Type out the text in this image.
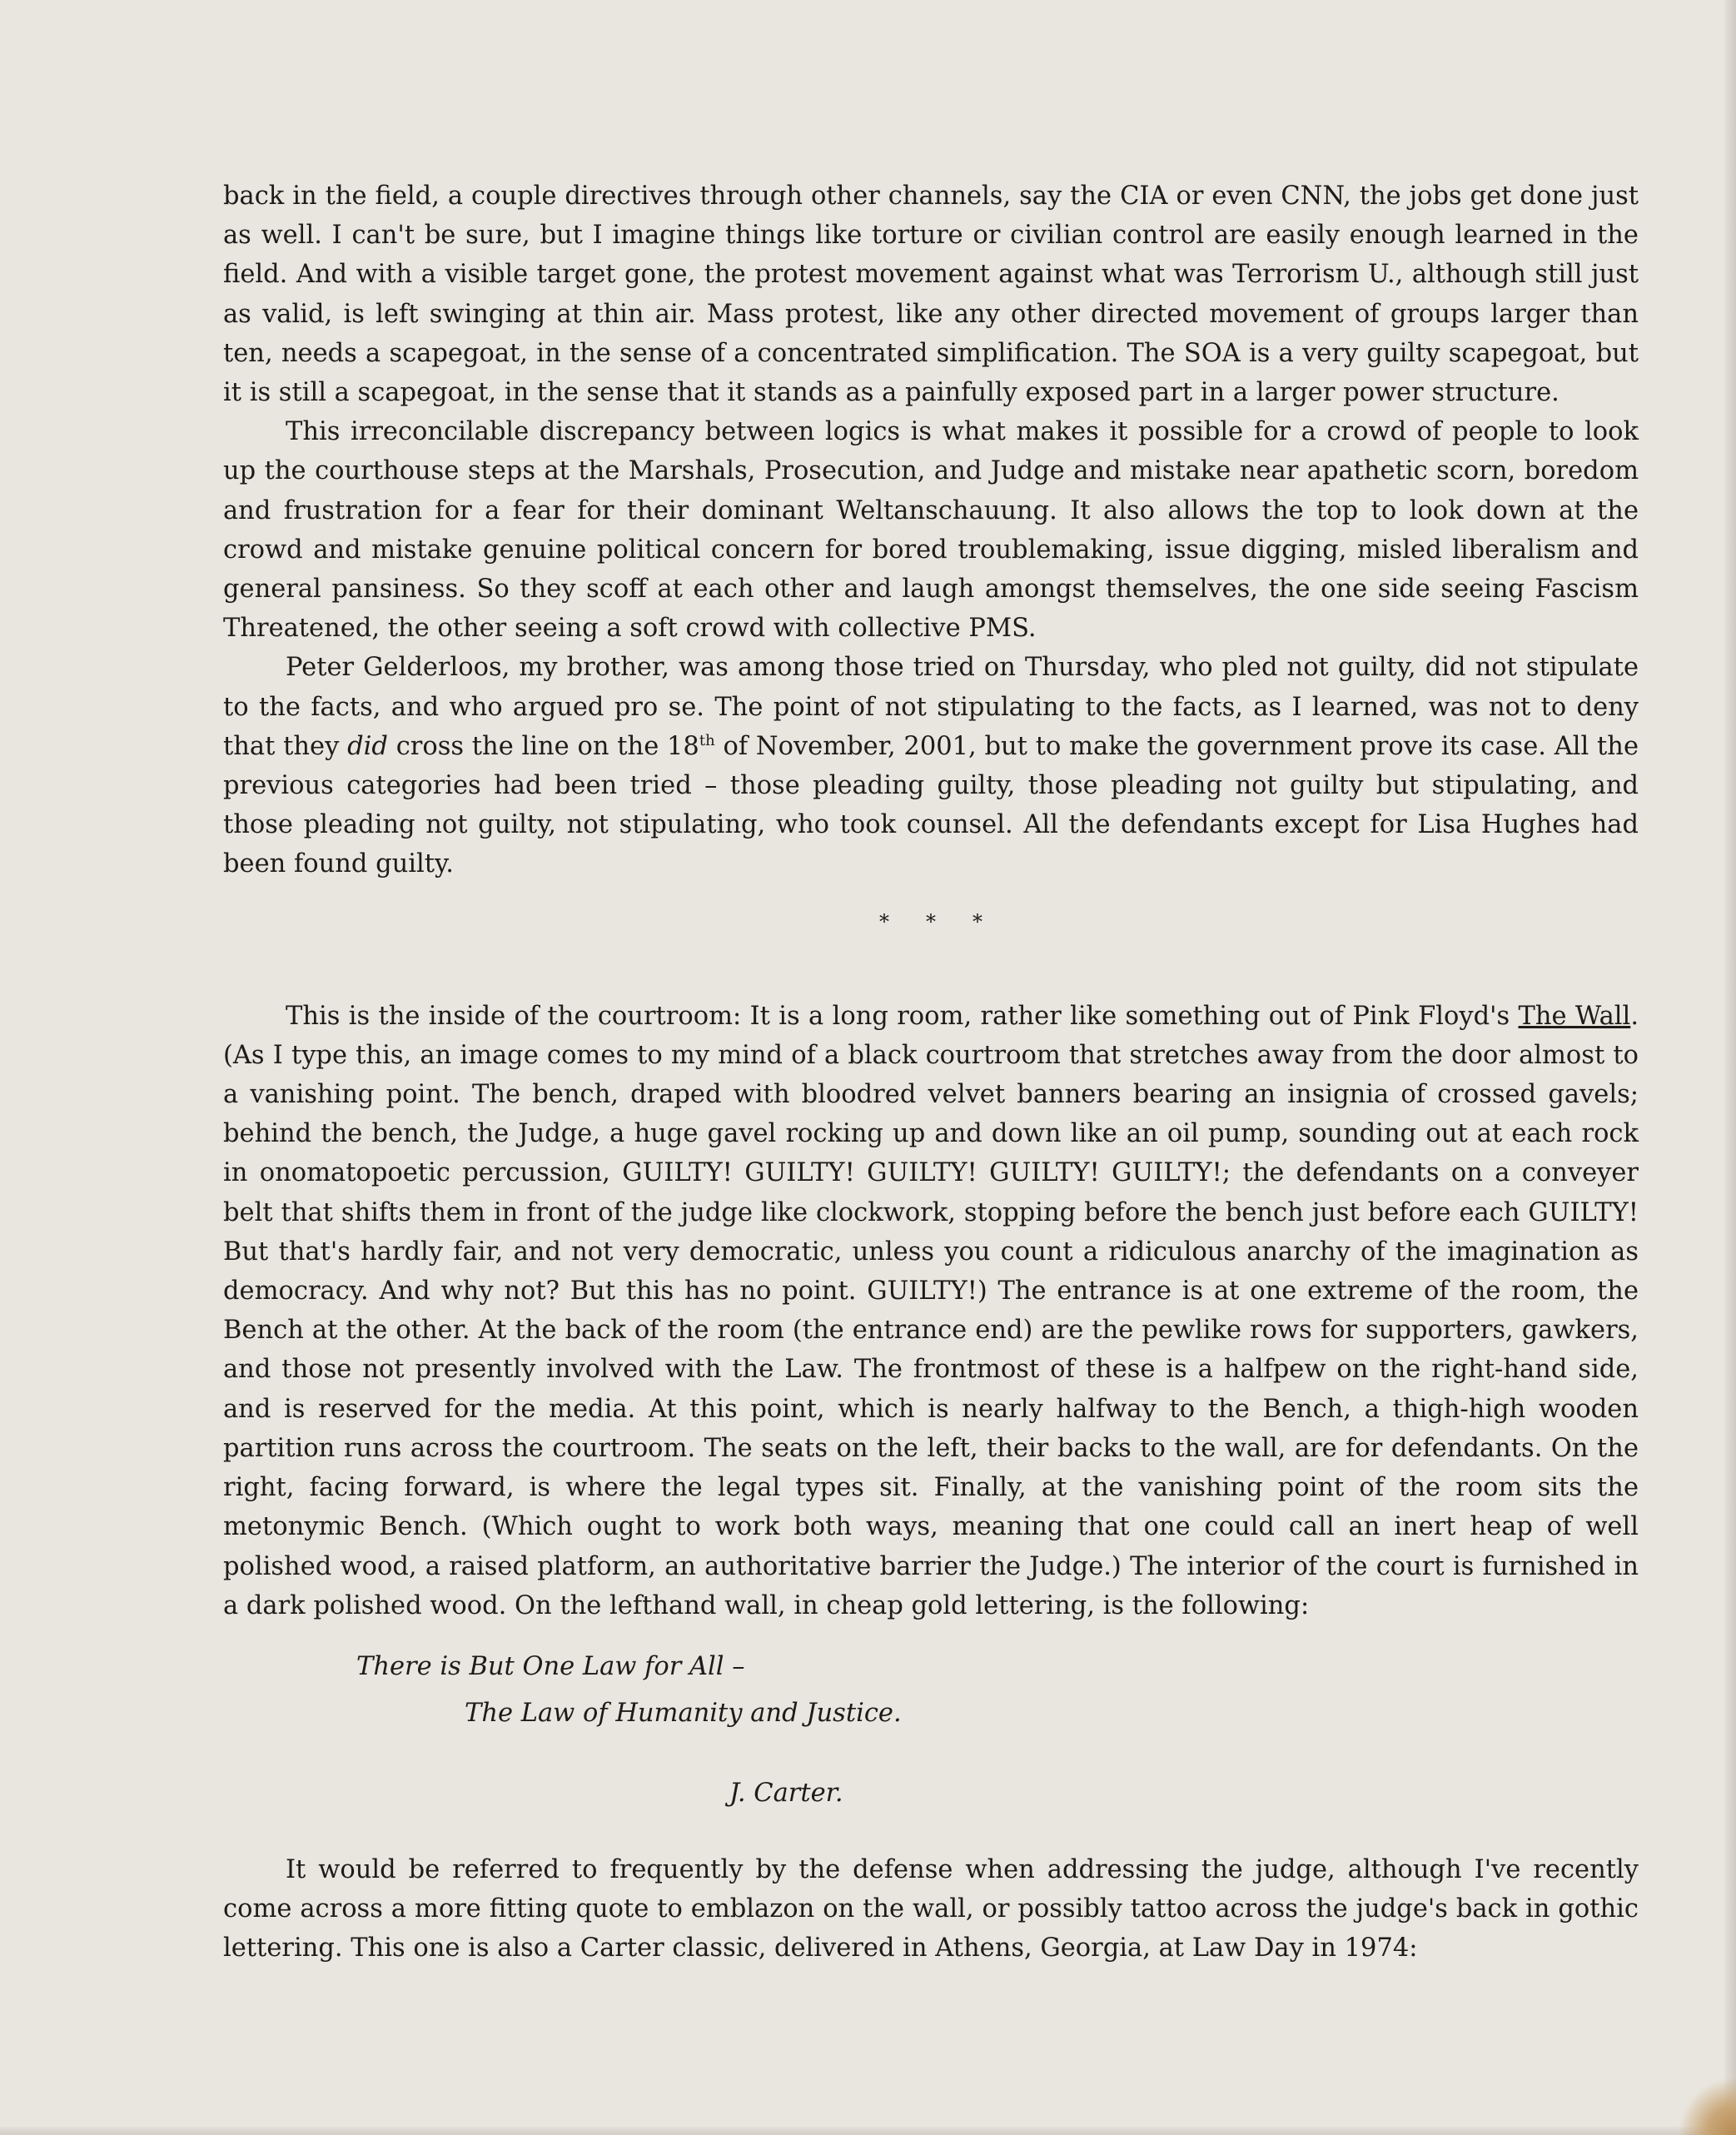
back in the field, a couple directives through other channels, say the CIA or even CNN, the jobs get done just as well. I can't be sure, but I imagine things like torture or civilian control are easily enough learned in the field. And with a visible target gone, the protest movement against what was Terrorism U., although still just as valid, is left swinging at thin air. Mass protest, like any other directed movement of groups larger than ten, needs a scapegoat, in the sense of a concentrated simplification. The SOA is a very guilty scapegoat, but it is still a scapegoat, in the sense that it stands as a painfully exposed part in a larger power structure.

This irreconcilable discrepancy between logics is what makes it possible for a crowd of people to look up the courthouse steps at the Marshals, Prosecution, and Judge and mistake near apathetic scorn, boredom and frustration for a fear for their dominant Weltanschauung. It also allows the top to look down at the crowd and mistake genuine political concern for bored troublemaking, issue digging, misled liberalism and general pansiness. So they scoff at each other and laugh amongst themselves, the one side seeing Fascism Threatened, the other seeing a soft crowd with collective PMS.

Peter Gelderloos, my brother, was among those tried on Thursday, who pled not guilty, did not stipulate to the facts, and who argued pro se. The point of not stipulating to the facts, as I learned, was not to deny that they did cross the line on the 18th of November, 2001, but to make the government prove its case. All the previous categories had been tried – those pleading guilty, those pleading not guilty but stipulating, and those pleading not guilty, not stipulating, who took counsel. All the defendants except for Lisa Hughes had been found guilty.

* * *

This is the inside of the courtroom: It is a long room, rather like something out of Pink Floyd's The Wall. (As I type this, an image comes to my mind of a black courtroom that stretches away from the door almost to a vanishing point. The bench, draped with bloodred velvet banners bearing an insignia of crossed gavels; behind the bench, the Judge, a huge gavel rocking up and down like an oil pump, sounding out at each rock in onomatopoetic percussion, GUILTY! GUILTY! GUILTY! GUILTY! GUILTY!; the defendants on a conveyer belt that shifts them in front of the judge like clockwork, stopping before the bench just before each GUILTY! But that's hardly fair, and not very democratic, unless you count a ridiculous anarchy of the imagination as democracy. And why not? But this has no point. GUILTY!) The entrance is at one extreme of the room, the Bench at the other. At the back of the room (the entrance end) are the pewlike rows for supporters, gawkers, and those not presently involved with the Law. The frontmost of these is a halfpew on the right-hand side, and is reserved for the media. At this point, which is nearly halfway to the Bench, a thigh-high wooden partition runs across the courtroom. The seats on the left, their backs to the wall, are for defendants. On the right, facing forward, is where the legal types sit. Finally, at the vanishing point of the room sits the metonymic Bench. (Which ought to work both ways, meaning that one could call an inert heap of well polished wood, a raised platform, an authoritative barrier the Judge.) The interior of the court is furnished in a dark polished wood. On the lefthand wall, in cheap gold lettering, is the following:

There is But One Law for All –
The Law of Humanity and Justice.
J. Carter.

It would be referred to frequently by the defense when addressing the judge, although I've recently come across a more fitting quote to emblazon on the wall, or possibly tattoo across the judge's back in gothic lettering. This one is also a Carter classic, delivered in Athens, Georgia, at Law Day in 1974:
